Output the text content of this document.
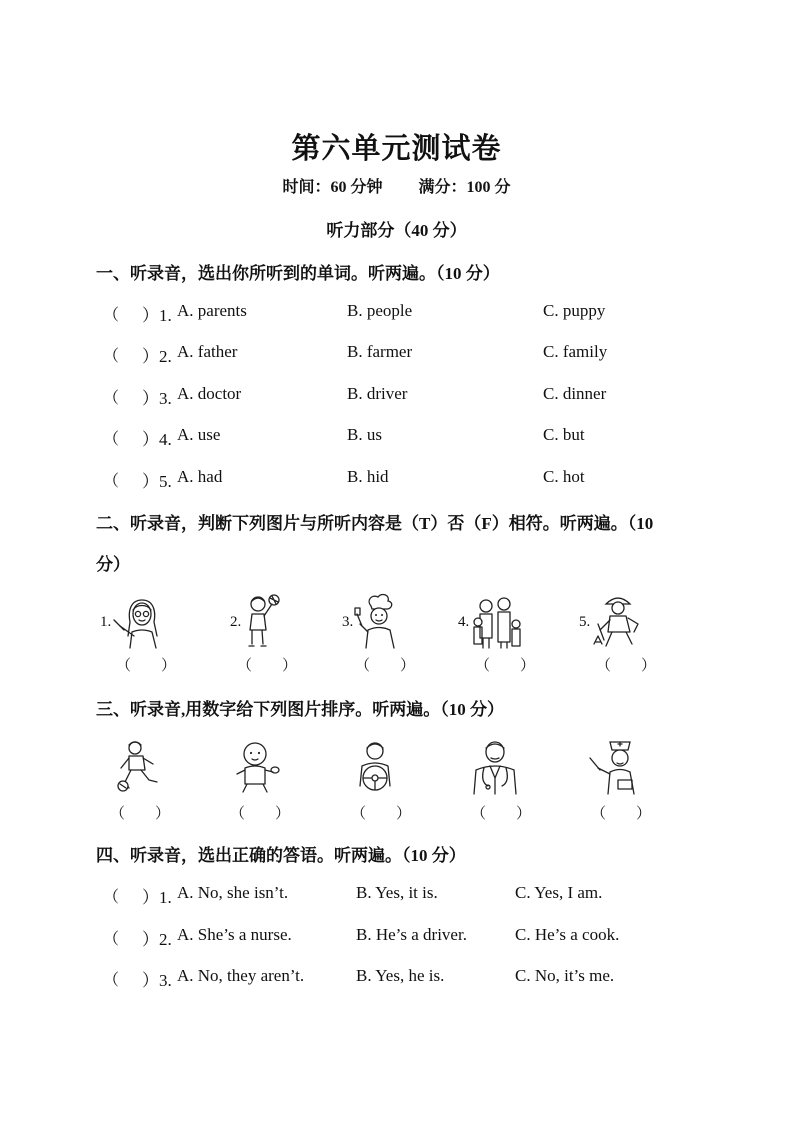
第六单元测试卷
时间：60 分钟 满分：100 分
听力部分（40 分）
一、听录音，选出你所听到的单词。听两遍。（10 分）
（ ）1. A. parents	B. people	C. puppy
（ ）2. A. father	B. farmer	C. family
（ ）3. A. doctor	B. driver	C. dinner
（ ）4. A. use	B. us	C. but
（ ）5. A. had	B. hid	C. hot
二、听录音，判断下列图片与所听内容是（T）否（F）相符。听两遍。（10
分）
1.
（　　）
2.
（　　）
3.
（　　）
4.
（　　）
5.
（　　）
三、听录音,用数字给下列图片排序。听两遍。（10 分）
（　　）	（　　）	（　　）	（　　）	（　　）
四、听录音，选出正确的答语。听两遍。（10 分）
（ ）1. A. No, she isn’t.	B. Yes, it is.	C. Yes, I am.
（ ）2. A. She’s a nurse.	B. He’s a driver.	C. He’s a cook.
（ ）3. A. No, they aren’t.	B. Yes, he is.	C. No, it’s me.
